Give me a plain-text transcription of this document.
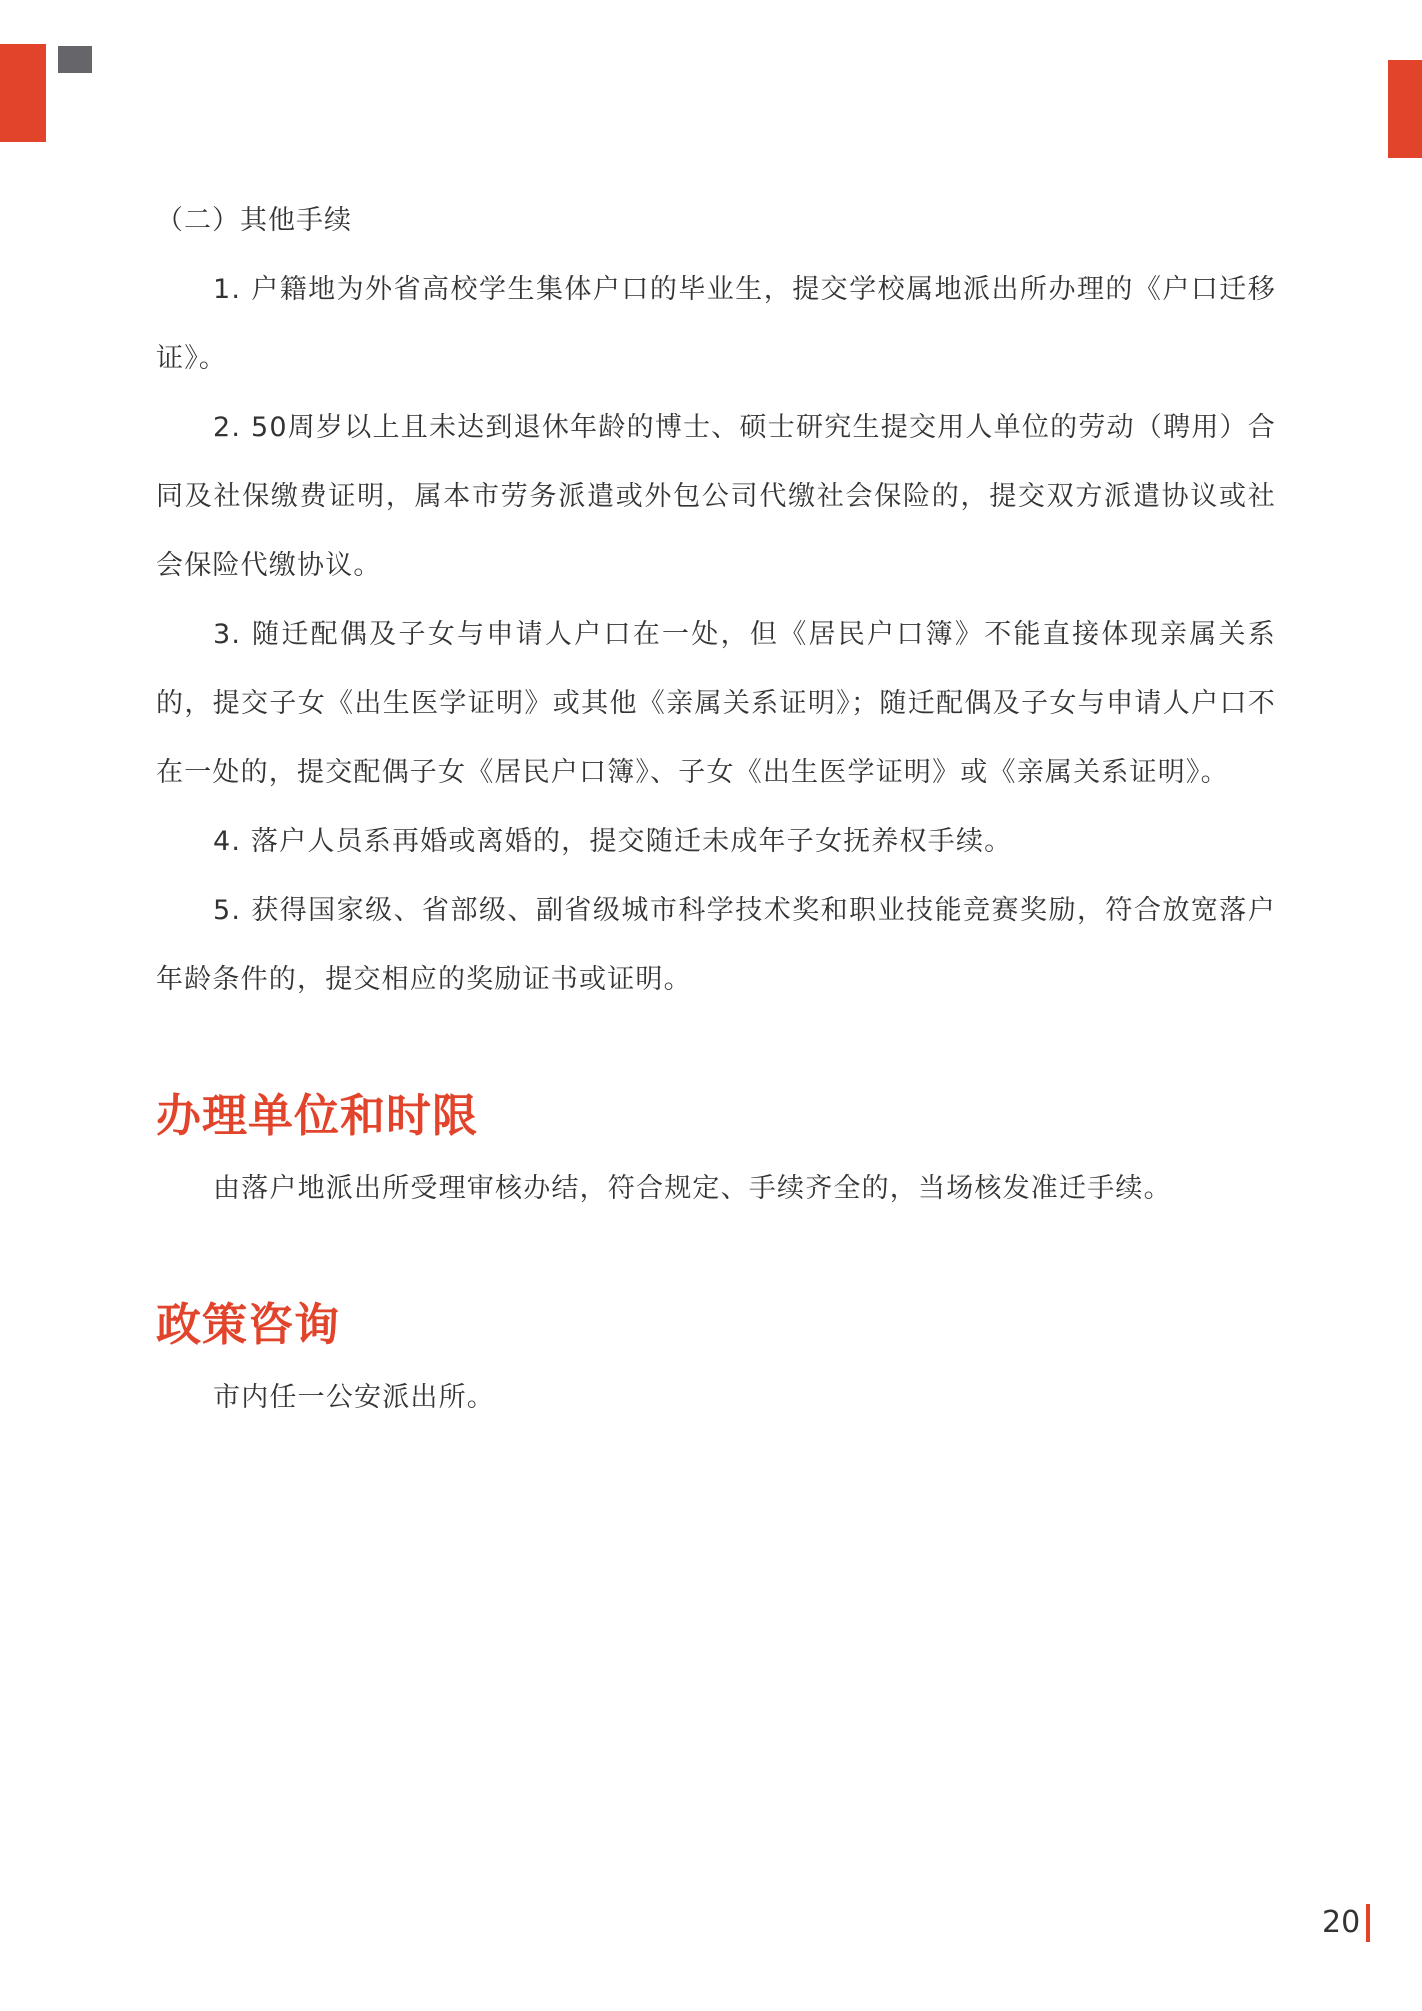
（二）其他手续

1. 户籍地为外省高校学生集体户口的毕业生，提交学校属地派出所办理的《户口迁移证》。

2. 50周岁以上且未达到退休年龄的博士、硕士研究生提交用人单位的劳动（聘用）合同及社保缴费证明，属本市劳务派遣或外包公司代缴社会保险的，提交双方派遣协议或社会保险代缴协议。

3. 随迁配偶及子女与申请人户口在一处，但《居民户口簿》不能直接体现亲属关系的，提交子女《出生医学证明》或其他《亲属关系证明》；随迁配偶及子女与申请人户口不在一处的，提交配偶子女《居民户口簿》、子女《出生医学证明》或《亲属关系证明》。

4. 落户人员系再婚或离婚的，提交随迁未成年子女抚养权手续。

5. 获得国家级、省部级、副省级城市科学技术奖和职业技能竞赛奖励，符合放宽落户年龄条件的，提交相应的奖励证书或证明。

办理单位和时限

由落户地派出所受理审核办结，符合规定、手续齐全的，当场核发准迁手续。

政策咨询

市内任一公安派出所。

20
